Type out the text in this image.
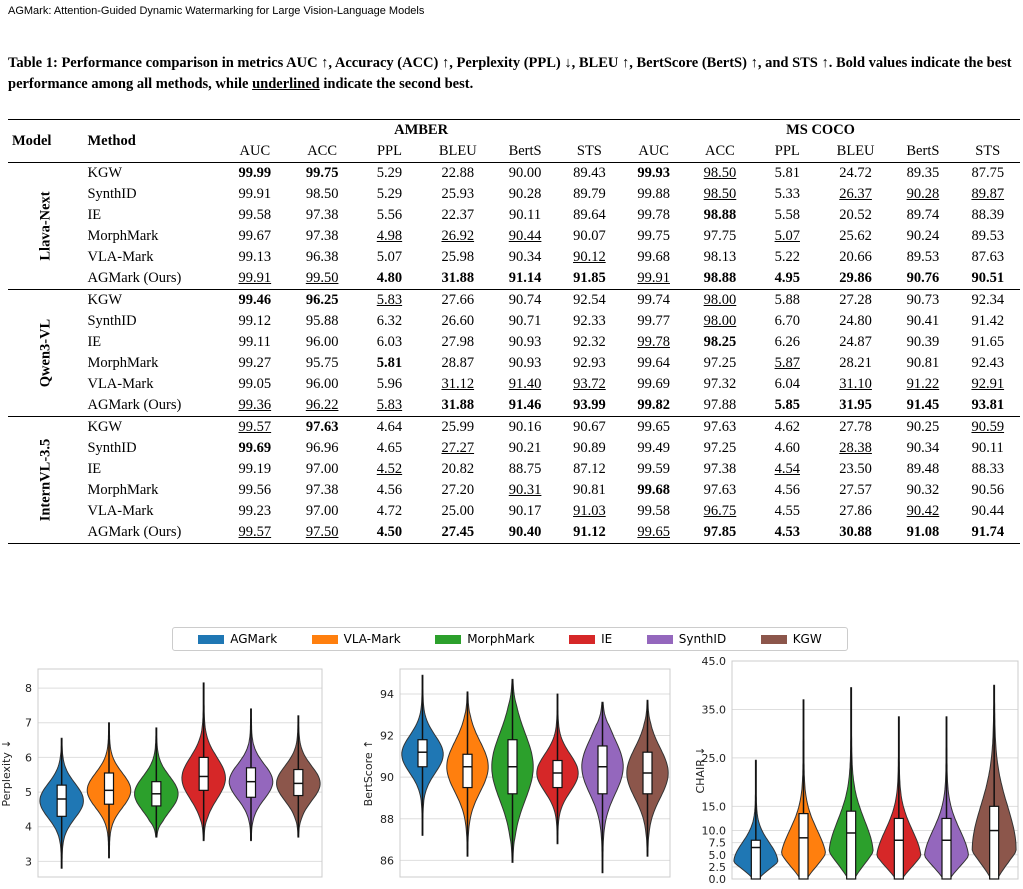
AGMark: Attention-Guided Dynamic Watermarking for Large Vision-Language Models
Table 1: Performance comparison in metrics AUC ↑, Accuracy (ACC) ↑, Perplexity (PPL) ↓, BLEU ↑, BertScore (BertS) ↑, and STS ↑. Bold values indicate the best performance among all methods, while underlined indicate the second best.
Model	Method	AMBER						MS COCO					
		AUC	ACC	PPL	BLEU	BertS	STS	AUC	ACC	PPL	BLEU	BertS	STS

Llava-Next	KGW	99.99	99.75	5.29	22.88	90.00	89.43	99.93	98.50	5.81	24.72	89.35	87.75
	SynthID	99.91	98.50	5.29	25.93	90.28	89.79	99.88	98.50	5.33	26.37	90.28	89.87
	IE	99.58	97.38	5.56	22.37	90.11	89.64	99.78	98.88	5.58	20.52	89.74	88.39
	MorphMark	99.67	97.38	4.98	26.92	90.44	90.07	99.75	97.75	5.07	25.62	90.24	89.53
	VLA-Mark	99.13	96.38	5.07	25.98	90.34	90.12	99.68	98.13	5.22	20.66	89.53	87.63
	AGMark (Ours)	99.91	99.50	4.80	31.88	91.14	91.85	99.91	98.88	4.95	29.86	90.76	90.51

Qwen3-VL	KGW	99.46	96.25	5.83	27.66	90.74	92.54	99.74	98.00	5.88	27.28	90.73	92.34
	SynthID	99.12	95.88	6.32	26.60	90.71	92.33	99.77	98.00	6.70	24.80	90.41	91.42
	IE	99.11	96.00	6.03	27.98	90.93	92.32	99.78	98.25	6.26	24.87	90.39	91.65
	MorphMark	99.27	95.75	5.81	28.87	90.93	92.93	99.64	97.25	5.87	28.21	90.81	92.43
	VLA-Mark	99.05	96.00	5.96	31.12	91.40	93.72	99.69	97.32	6.04	31.10	91.22	92.91
	AGMark (Ours)	99.36	96.22	5.83	31.88	91.46	93.99	99.82	97.88	5.85	31.95	91.45	93.81

InternVL-3.5	KGW	99.57	97.63	4.64	25.99	90.16	90.67	99.65	97.63	4.62	27.78	90.25	90.59
	SynthID	99.69	96.96	4.65	27.27	90.21	90.89	99.49	97.25	4.60	28.38	90.34	90.11
	IE	99.19	97.00	4.52	20.82	88.75	87.12	99.59	97.38	4.54	23.50	89.48	88.33
	MorphMark	99.56	97.38	4.56	27.20	90.31	90.81	99.68	97.63	4.56	27.57	90.32	90.56
	VLA-Mark	99.23	97.00	4.72	25.00	90.17	91.03	99.58	96.75	4.55	27.86	90.42	90.44
	AGMark (Ours)	99.57	97.50	4.50	27.45	90.40	91.12	99.65	97.85	4.53	30.88	91.08	91.74
AGMark	VLA-Mark	MorphMark	IE	SynthID	KGW
3
4
5
6
7
8
Perplexity ↓
86
88
90
92
94
BertScore ↑
0.0
2.5
5.0
7.5
10.0
15.0
25.0
35.0
45.0
CHAIR ↓
